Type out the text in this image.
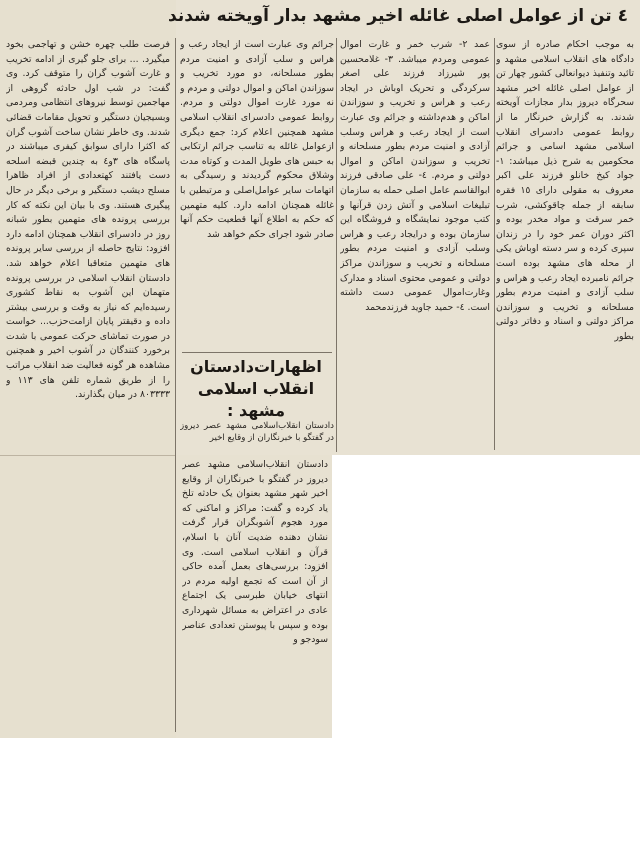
٤ تن از عوامل اصلی غائله اخیر مشهد بدار آویخته شدند
به موجب احکام صادره از سوی دادگاه های انقلاب اسلامی مشهد و تائید وتنفیذ دیوانعالی کشور چهار تن از عوامل اصلی غائله اخیر مشهد سحرگاه دیروز بدار مجازات آویخته شدند. به گزارش خبرنگار ما از روابط عمومی دادسرای انقلاب اسلامی مشهد اسامی و جرائم محکومین به شرح ذیل میباشد: ١- جواد کیخ خانلو فرزند علی اکبر معروف به مقولی دارای ١٥ فقره سابقه از جمله چاقوکشی، شرب خمر سرقت و مواد مخدر بوده و اکثر دوران عمر خود را در زندان سپری کرده و سر دسته اوباش یکی از محله های مشهد بوده است جرائم نامبرده ایجاد رعب و هراس و سلب آزادی و امنیت مردم بطور مسلحانه و تخریب و سوزاندن مراکز دولتی و اسناد و دفاتر دولتی بطور
عمد ٢- شرب خمر و غارت اموال عمومی ومردم میباشد. ٣- غلامحسین پور شیرزاد فرزند علی اصغر سرکردگی و تحریک اوباش در ایجاد رعب و هراس و تخریب و سوزاندن اماکن و هدم‌داشته و جرائم وی عبارت است از ایجاد رعب و هراس وسلب آزادی و امنیت مردم بطور مسلحانه و تخریب و سوزاندن اماکن و اموال دولتی و مردم. ٤- علی صادقی فرزند ابوالقاسم عامل اصلی حمله به سازمان تبلیغات اسلامی و آتش زدن قرآنها و کتب موجود نمایشگاه و فروشگاه این سازمان بوده و درایجاد رعب و هراس وسلب آزادی و امنیت مردم بطور مسلحانه و تخریب و سوزاندن مراکز دولتی و عمومی محتوی اسناد و مدارک وغارت‌اموال عمومی دست داشته است. ٤- حمید جاوید فرزندمحمد
جرائم وی عبارت است از ایجاد رعب و هراس و سلب آزادی و امنیت مردم بطور مسلحانه، دو مورد تخریب و سوزاندن اماکن و اموال دولتی و مردم و نه مورد غارت اموال دولتی و مردم. روابط عمومی دادسرای انقلاب اسلامی مشهد همچنین اعلام کرد: جمع دیگری ازعوامل غائله به تناسب جرائم ارتکابی به حبس های طویل المدت و کوتاه مدت وشلاق محکوم گردیدند و رسیدگی به اتهامات سایر عوامل‌اصلی و مرتبطین با غائله همچنان ادامه دارد. کلیه متهمین که حکم به اطلاع آنها قطعیت حکم آنها صادر شود اجرای حکم خواهد شد
اظهارات‌دادستان انقلاب اسلامی مشهد :
دادستان انقلاب‌اسلامی مشهد عصر دیروز در گفتگو با خبرنگاران از وقایع اخیر
دادستان انقلاب‌اسلامی مشهد عصر دیروز در گفتگو با خبرنگاران از وقایع اخیر شهر مشهد بعنوان یک حادثه تلخ یاد کرده و گفت: مراکز و اماکنی که مورد هجوم آشوبگران قرار گرفت نشان دهنده ضدیت آنان با اسلام، قرآن و انقلاب اسلامی است. وی افزود: بررسی‌های بعمل آمده حاکی از آن است که تجمع اولیه مردم در انتهای خیابان طبرسی یک اجتماع عادی در اعتراض به مسائل شهرداری بوده و سپس با پیوستن تعدادی عناصر سودجو و
فرصت طلب چهره خشن و تهاجمی بخود میگیرد. ... برای جلو گیری از ادامه تخریب و غارت آشوب گران را متوقف کرد. وی گفت: در شب اول حادثه گروهی از مهاجمین توسط نیروهای انتظامی ومردمی وبسیجیان دستگیر و تحویل مقامات قضائی شدند. وی خاطر نشان ساخت آشوب گران که اکثرا دارای سوابق کیفری میباشند در پاسگاه های ٣و٤ به چندین قبضه اسلحه دست یافتند کهتعدادی از افراد ظاهرا مسلح دیشب دستگیر و برخی دیگر در حال پیگیری هستند. وی با بیان این نکته که کار بررسی پرونده های متهمین بطور شبانه روز در دادسرای انقلاب همچنان ادامه دارد افزود: نتایج حاصله از بررسی سایر پرونده های متهمین متعاقبا اعلام خواهد شد. دادستان انقلاب اسلامی در بررسی پرونده متهمان این آشوب به نقاط کشوری رسیده‌ایم که نیاز به وقت و بررسی بیشتر داده و دقیقتر پایان ازامت‌حزب... خواست در صورت تماشای حرکت عمومی با شدت برخورد کنندگان در آشوب اخیر و همچنین مشاهده هر گونه فعالیت ضد انقلاب مراتب را از طریق شماره تلفن های ١١٣ و ٨٠٣٣٣٣ در میان بگذارند.
